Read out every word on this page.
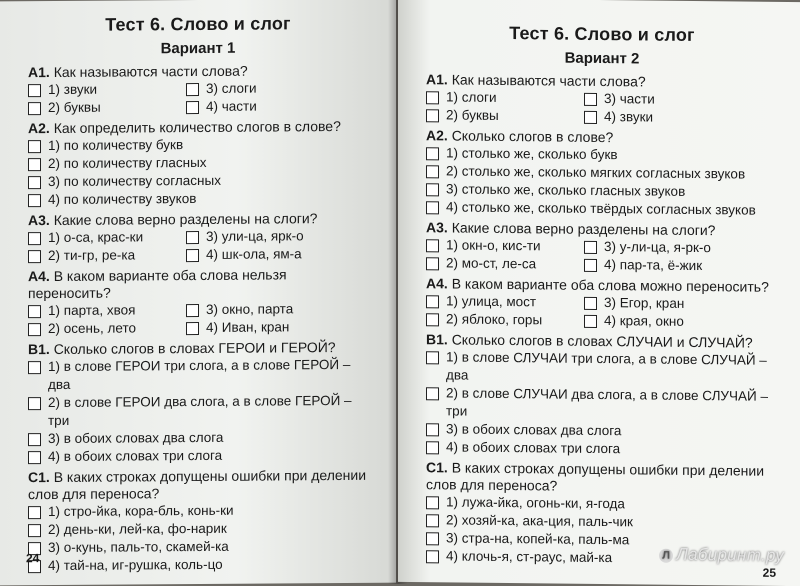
Тест 6. Слово и слог
Вариант 1
А1. Как называются части слова?
1) звуки	3) слоги
2) буквы	4) части
А2. Как определить количество слогов в слове?
1) по количеству букв
2) по количеству гласных
3) по количеству согласных
4) по количеству звуков
А3. Какие слова верно разделены на слоги?
1) о-са, крас-ки	3) ули-ца, ярк-о
2) ти-гр, ре-ка	4) шк-ола, ям-а
А4. В каком варианте оба слова нельзя переносить?
1) парта, хвоя	3) окно, парта
2) осень, лето	4) Иван, кран
В1. Сколько слогов в словах ГЕРОИ и ГЕРОЙ?
1) в слове ГЕРОИ три слога, а в слове ГЕРОЙ – два
2) в слове ГЕРОИ два слога, а в слове ГЕРОЙ – три
3) в обоих словах два слога
4) в обоих словах три слога
С1. В каких строках допущены ошибки при делении слов для переноса?
1) стро-йка, кора-бль, конь-ки
2) день-ки, лей-ка, фо-нарик
3) о-кунь, паль-то, скамей-ка
4) тай-на, иг-рушка, коль-цо
24
Тест 6. Слово и слог
Вариант 2
А1. Как называются части слова?
1) слоги	3) части
2) буквы	4) звуки
А2. Сколько слогов в слове?
1) столько же, сколько букв
2) столько же, сколько мягких согласных звуков
3) столько же, сколько гласных звуков
4) столько же, сколько твёрдых согласных звуков
А3. Какие слова верно разделены на слоги?
1) окн-о, кис-ти	3) у-ли-ца, я-рк-о
2) мо-ст, ле-са	4) пар-та, ё-жик
А4. В каком варианте оба слова можно переносить?
1) улица, мост	3) Егор, кран
2) яблоко, горы	4) края, окно
В1. Сколько слогов в словах СЛУЧАИ и СЛУЧАЙ?
1) в слове СЛУЧАИ три слога, а в слове СЛУЧАЙ – два
2) в слове СЛУЧАИ два слога, а в слове СЛУЧАЙ – три
3) в обоих словах два слога
4) в обоих словах три слога
С1. В каких строках допущены ошибки при делении слов для переноса?
1) лужа-йка, огонь-ки, я-года
2) хозяй-ка, ака-ция, паль-чик
3) стра-на, копей-ка, паль-ма
4) клочь-я, ст-раус, май-ка
25
Л Лабиринт.ру
